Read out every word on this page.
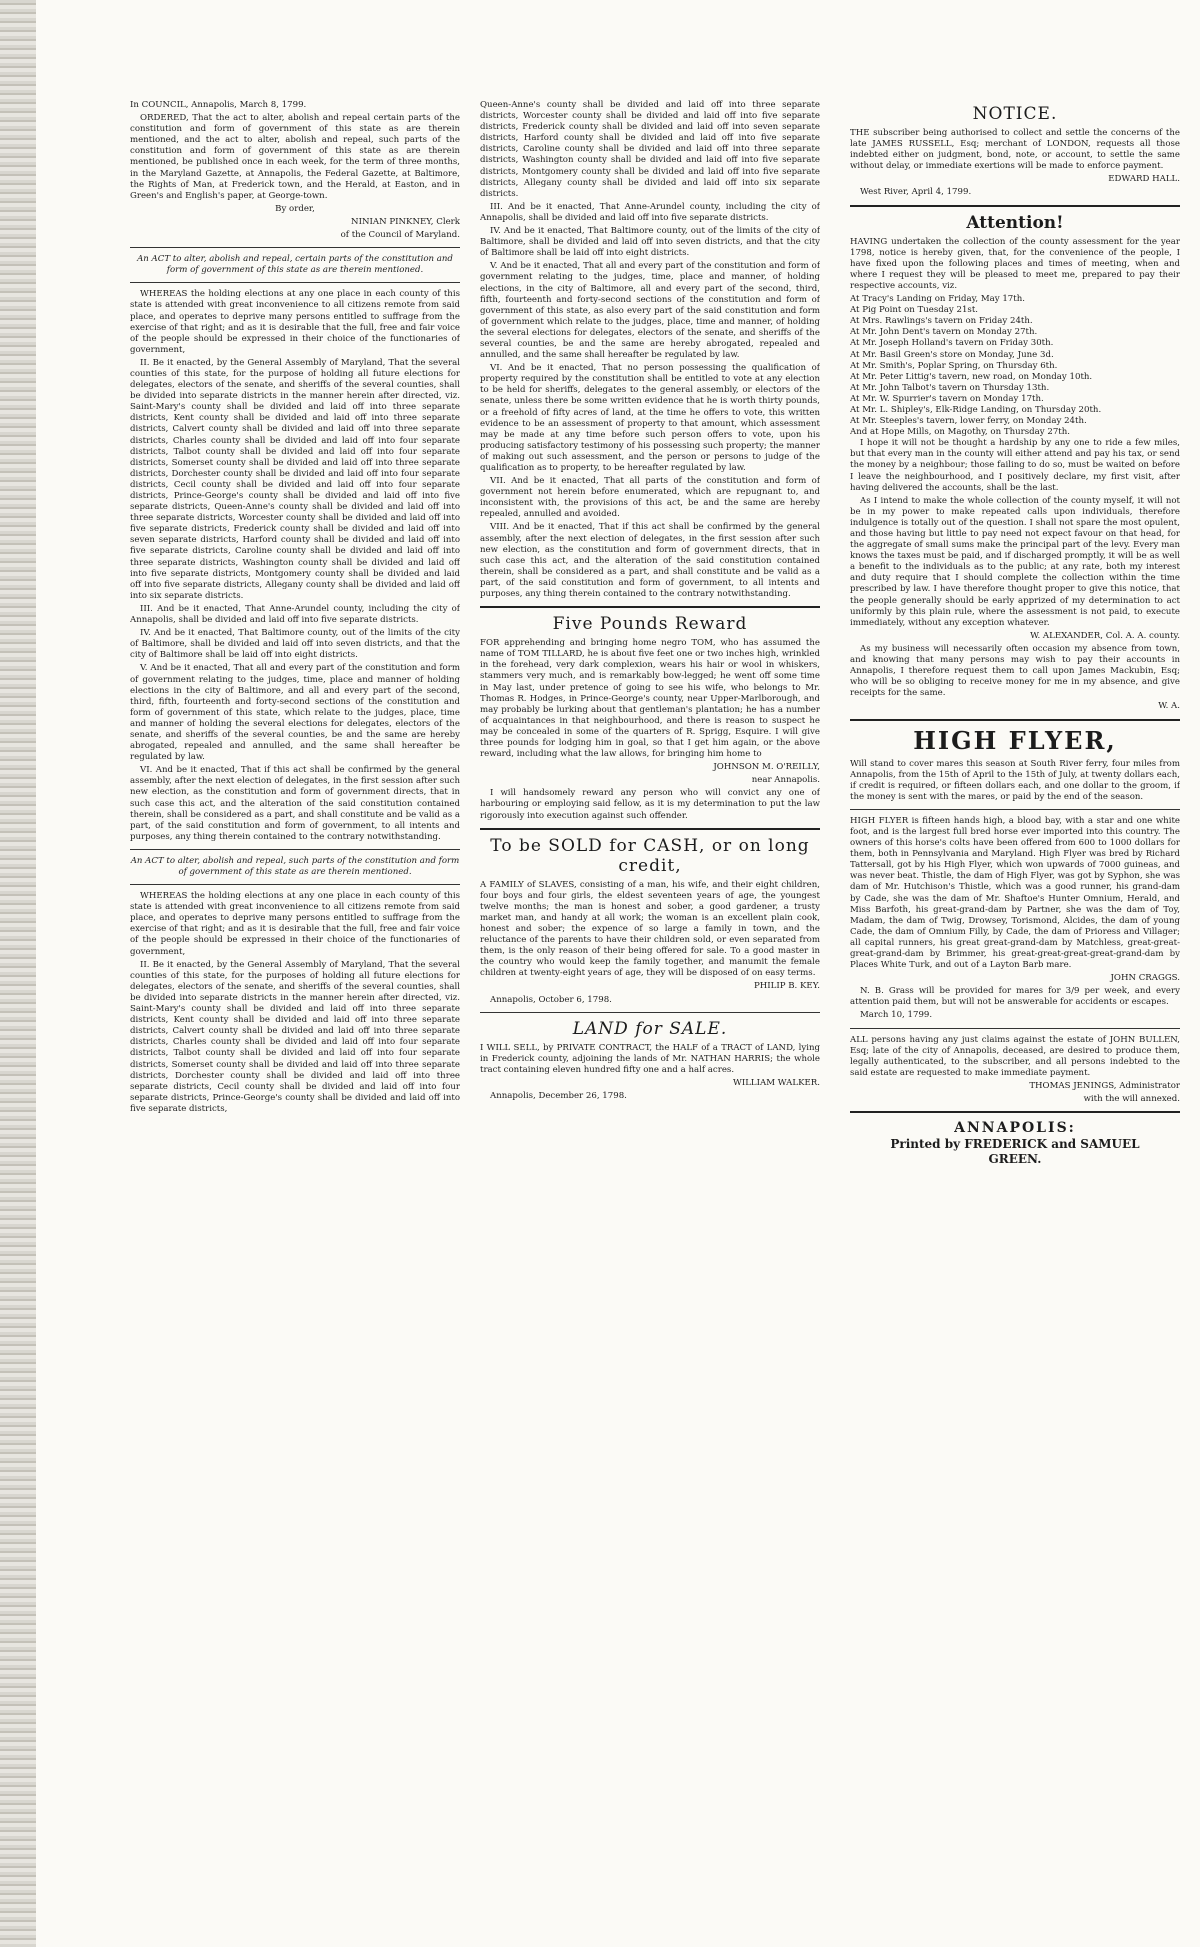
In COUNCIL, Annapolis, March 8, 1799.

ORDERED, That the act to alter, abolish and repeal certain parts of the constitution and form of government of this state as are therein mentioned, and the act to alter, abolish and repeal, such parts of the constitution and form of government of this state as are therein mentioned, be published once in each week, for the term of three months, in the Maryland Gazette, at Annapolis, the Federal Gazette, at Baltimore, the Rights of Man, at Frederick town, and the Herald, at Easton, and in Green's and English's paper, at George-town.

By order,

NINIAN PINKNEY, Clerk

of the Council of Maryland.

An ACT to alter, abolish and repeal, certain parts of the constitution and form of government of this state as are therein mentioned.

WHEREAS the holding elections at any one place in each county of this state is attended with great inconvenience to all citizens remote from said place, and operates to deprive many persons entitled to suffrage from the exercise of that right; and as it is desirable that the full, free and fair voice of the people should be expressed in their choice of the functionaries of government,

II. Be it enacted, by the General Assembly of Maryland, That the several counties of this state, for the purpose of holding all future elections for delegates, electors of the senate, and sheriffs of the several counties, shall be divided into separate districts in the manner herein after directed, viz. Saint-Mary's county shall be divided and laid off into three separate districts, Kent county shall be divided and laid off into three separate districts, Calvert county shall be divided and laid off into three separate districts, Charles county shall be divided and laid off into four separate districts, Talbot county shall be divided and laid off into four separate districts, Somerset county shall be divided and laid off into three separate districts, Dorchester county shall be divided and laid off into four separate districts, Cecil county shall be divided and laid off into four separate districts, Prince-George's county shall be divided and laid off into five separate districts, Queen-Anne's county shall be divided and laid off into three separate districts, Worcester county shall be divided and laid off into five separate districts, Frederick county shall be divided and laid off into seven separate districts, Harford county shall be divided and laid off into five separate districts, Caroline county shall be divided and laid off into three separate districts, Washington county shall be divided and laid off into five separate districts, Montgomery county shall be divided and laid off into five separate districts, Allegany county shall be divided and laid off into six separate districts.

III. And be it enacted, That Anne-Arundel county, including the city of Annapolis, shall be divided and laid off into five separate districts.

IV. And be it enacted, That Baltimore county, out of the limits of the city of Baltimore, shall be divided and laid off into seven districts, and that the city of Baltimore shall be laid off into eight districts.

V. And be it enacted, That all and every part of the constitution and form of government relating to the judges, time, place and manner of holding elections in the city of Baltimore, and all and every part of the second, third, fifth, fourteenth and forty-second sections of the constitution and form of government of this state, which relate to the judges, place, time and manner of holding the several elections for delegates, electors of the senate, and sheriffs of the several counties, be and the same are hereby abrogated, repealed and annulled, and the same shall hereafter be regulated by law.

VI. And be it enacted, That if this act shall be confirmed by the general assembly, after the next election of delegates, in the first session after such new election, as the constitution and form of government directs, that in such case this act, and the alteration of the said constitution contained therein, shall be considered as a part, and shall constitute and be valid as a part, of the said constitution and form of government, to all intents and purposes, any thing therein contained to the contrary notwithstanding.

An ACT to alter, abolish and repeal, such parts of the constitution and form of government of this state as are therein mentioned.

WHEREAS the holding elections at any one place in each county of this state is attended with great inconvenience to all citizens remote from said place, and operates to deprive many persons entitled to suffrage from the exercise of that right; and as it is desirable that the full, free and fair voice of the people should be expressed in their choice of the functionaries of government,

II. Be it enacted, by the General Assembly of Maryland, That the several counties of this state, for the purposes of holding all future elections for delegates, electors of the senate, and sheriffs of the several counties, shall be divided into separate districts in the manner herein after directed, viz. Saint-Mary's county shall be divided and laid off into three separate districts, Kent county shall be divided and laid off into three separate districts, Calvert county shall be divided and laid off into three separate districts, Charles county shall be divided and laid off into four separate districts, Talbot county shall be divided and laid off into four separate districts, Somerset county shall be divided and laid off into three separate districts, Dorchester county shall be divided and laid off into three separate districts, Cecil county shall be divided and laid off into four separate districts, Prince-George's county shall be divided and laid off into five separate districts,

Queen-Anne's county shall be divided and laid off into three separate districts, Worcester county shall be divided and laid off into five separate districts, Frederick county shall be divided and laid off into seven separate districts, Harford county shall be divided and laid off into five separate districts, Caroline county shall be divided and laid off into three separate districts, Washington county shall be divided and laid off into five separate districts, Montgomery county shall be divided and laid off into five separate districts, Allegany county shall be divided and laid off into six separate districts.

III. And be it enacted, That Anne-Arundel county, including the city of Annapolis, shall be divided and laid off into five separate districts.

IV. And be it enacted, That Baltimore county, out of the limits of the city of Baltimore, shall be divided and laid off into seven districts, and that the city of Baltimore shall be laid off into eight districts.

V. And be it enacted, That all and every part of the constitution and form of government relating to the judges, time, place and manner, of holding elections, in the city of Baltimore, all and every part of the second, third, fifth, fourteenth and forty-second sections of the constitution and form of government of this state, as also every part of the said constitution and form of government which relate to the judges, place, time and manner, of holding the several elections for delegates, electors of the senate, and sheriffs of the several counties, be and the same are hereby abrogated, repealed and annulled, and the same shall hereafter be regulated by law.

VI. And be it enacted, That no person possessing the qualification of property required by the constitution shall be entitled to vote at any election to be held for sheriffs, delegates to the general assembly, or electors of the senate, unless there be some written evidence that he is worth thirty pounds, or a freehold of fifty acres of land, at the time he offers to vote, this written evidence to be an assessment of property to that amount, which assessment may be made at any time before such person offers to vote, upon his producing satisfactory testimony of his possessing such property; the manner of making out such assessment, and the person or persons to judge of the qualification as to property, to be hereafter regulated by law.

VII. And be it enacted, That all parts of the constitution and form of government not herein before enumerated, which are repugnant to, and inconsistent with, the provisions of this act, be and the same are hereby repealed, annulled and avoided.

VIII. And be it enacted, That if this act shall be confirmed by the general assembly, after the next election of delegates, in the first session after such new election, as the constitution and form of government directs, that in such case this act, and the alteration of the said constitution contained therein, shall be considered as a part, and shall constitute and be valid as a part, of the said constitution and form of government, to all intents and purposes, any thing therein contained to the contrary notwithstanding.

Five Pounds Reward

FOR apprehending and bringing home negro TOM, who has assumed the name of TOM TILLARD, he is about five feet one or two inches high, wrinkled in the forehead, very dark complexion, wears his hair or wool in whiskers, stammers very much, and is remarkably bow-legged; he went off some time in May last, under pretence of going to see his wife, who belongs to Mr. Thomas R. Hodges, in Prince-George's county, near Upper-Marlborough, and may probably be lurking about that gentleman's plantation; he has a number of acquaintances in that neighbourhood, and there is reason to suspect he may be concealed in some of the quarters of R. Sprigg, Esquire. I will give three pounds for lodging him in goal, so that I get him again, or the above reward, including what the law allows, for bringing him home to

JOHNSON M. O'REILLY,

near Annapolis.

I will handsomely reward any person who will convict any one of harbouring or employing said fellow, as it is my determination to put the law rigorously into execution against such offender.

To be SOLD for CASH, or on long credit,

A FAMILY of SLAVES, consisting of a man, his wife, and their eight children, four boys and four girls, the eldest seventeen years of age, the youngest twelve months; the man is honest and sober, a good gardener, a trusty market man, and handy at all work; the woman is an excellent plain cook, honest and sober; the expence of so large a family in town, and the reluctance of the parents to have their children sold, or even separated from them, is the only reason of their being offered for sale. To a good master in the country who would keep the family together, and manumit the female children at twenty-eight years of age, they will be disposed of on easy terms.

PHILIP B. KEY.

Annapolis, October 6, 1798.

LAND for SALE.

I WILL SELL, by PRIVATE CONTRACT, the HALF of a TRACT of LAND, lying in Frederick county, adjoining the lands of Mr. NATHAN HARRIS; the whole tract containing eleven hundred fifty one and a half acres.

WILLIAM WALKER.

Annapolis, December 26, 1798.

NOTICE.

THE subscriber being authorised to collect and settle the concerns of the late JAMES RUSSELL, Esq; merchant of LONDON, requests all those indebted either on judgment, bond, note, or account, to settle the same without delay, or immediate exertions will be made to enforce payment.

EDWARD HALL.

West River, April 4, 1799.

Attention!

HAVING undertaken the collection of the county assessment for the year 1798, notice is hereby given, that, for the convenience of the people, I have fixed upon the following places and times of meeting, when and where I request they will be pleased to meet me, prepared to pay their respective accounts, viz.

At Tracy's Landing on Friday, May 17th.
At Pig Point on Tuesday 21st.
At Mrs. Rawlings's tavern on Friday 24th.
At Mr. John Dent's tavern on Monday 27th.
At Mr. Joseph Holland's tavern on Friday 30th.
At Mr. Basil Green's store on Monday, June 3d.
At Mr. Smith's, Poplar Spring, on Thursday 6th.
At Mr. Peter Littig's tavern, new road, on Monday 10th.
At Mr. John Talbot's tavern on Thursday 13th.
At Mr. W. Spurrier's tavern on Monday 17th.
At Mr. L. Shipley's, Elk-Ridge Landing, on Thursday 20th.
At Mr. Steeples's tavern, lower ferry, on Monday 24th.
And at Hope Mills, on Magothy, on Thursday 27th.

I hope it will not be thought a hardship by any one to ride a few miles, but that every man in the county will either attend and pay his tax, or send the money by a neighbour; those failing to do so, must be waited on before I leave the neighbourhood, and I positively declare, my first visit, after having delivered the accounts, shall be the last.

As I intend to make the whole collection of the county myself, it will not be in my power to make repeated calls upon individuals, therefore indulgence is totally out of the question. I shall not spare the most opulent, and those having but little to pay need not expect favour on that head, for the aggregate of small sums make the principal part of the levy. Every man knows the taxes must be paid, and if discharged promptly, it will be as well a benefit to the individuals as to the public; at any rate, both my interest and duty require that I should complete the collection within the time prescribed by law. I have therefore thought proper to give this notice, that the people generally should be early apprized of my determination to act uniformly by this plain rule, where the assessment is not paid, to execute immediately, without any exception whatever.

W. ALEXANDER, Col. A. A. county.

As my business will necessarily often occasion my absence from town, and knowing that many persons may wish to pay their accounts in Annapolis, I therefore request them to call upon James Mackubin, Esq; who will be so obliging to receive money for me in my absence, and give receipts for the same.

W. A.

HIGH FLYER,

Will stand to cover mares this season at South River ferry, four miles from Annapolis, from the 15th of April to the 15th of July, at twenty dollars each, if credit is required, or fifteen dollars each, and one dollar to the groom, if the money is sent with the mares, or paid by the end of the season.

HIGH FLYER is fifteen hands high, a blood bay, with a star and one white foot, and is the largest full bred horse ever imported into this country. The owners of this horse's colts have been offered from 600 to 1000 dollars for them, both in Pennsylvania and Maryland. High Flyer was bred by Richard Tattersall, got by his High Flyer, which won upwards of 7000 guineas, and was never beat. Thistle, the dam of High Flyer, was got by Syphon, she was dam of Mr. Hutchison's Thistle, which was a good runner, his grand-dam by Cade, she was the dam of Mr. Shaftoe's Hunter Omnium, Herald, and Miss Barfoth, his great-grand-dam by Partner, she was the dam of Toy, Madam, the dam of Twig, Drowsey, Torismond, Alcides, the dam of young Cade, the dam of Omnium Filly, by Cade, the dam of Prioress and Villager; all capital runners, his great great-grand-dam by Matchless, great-great-great-grand-dam by Brimmer, his great-great-great-great-grand-dam by Places White Turk, and out of a Layton Barb mare.

JOHN CRAGGS.

N. B. Grass will be provided for mares for 3/9 per week, and every attention paid them, but will not be answerable for accidents or escapes.

March 10, 1799.

ALL persons having any just claims against the estate of JOHN BULLEN, Esq; late of the city of Annapolis, deceased, are desired to produce them, legally authenticated, to the subscriber, and all persons indebted to the said estate are requested to make immediate payment.

THOMAS JENINGS, Administrator

with the will annexed.

ANNAPOLIS:
Printed by FREDERICK and SAMUEL
GREEN.
